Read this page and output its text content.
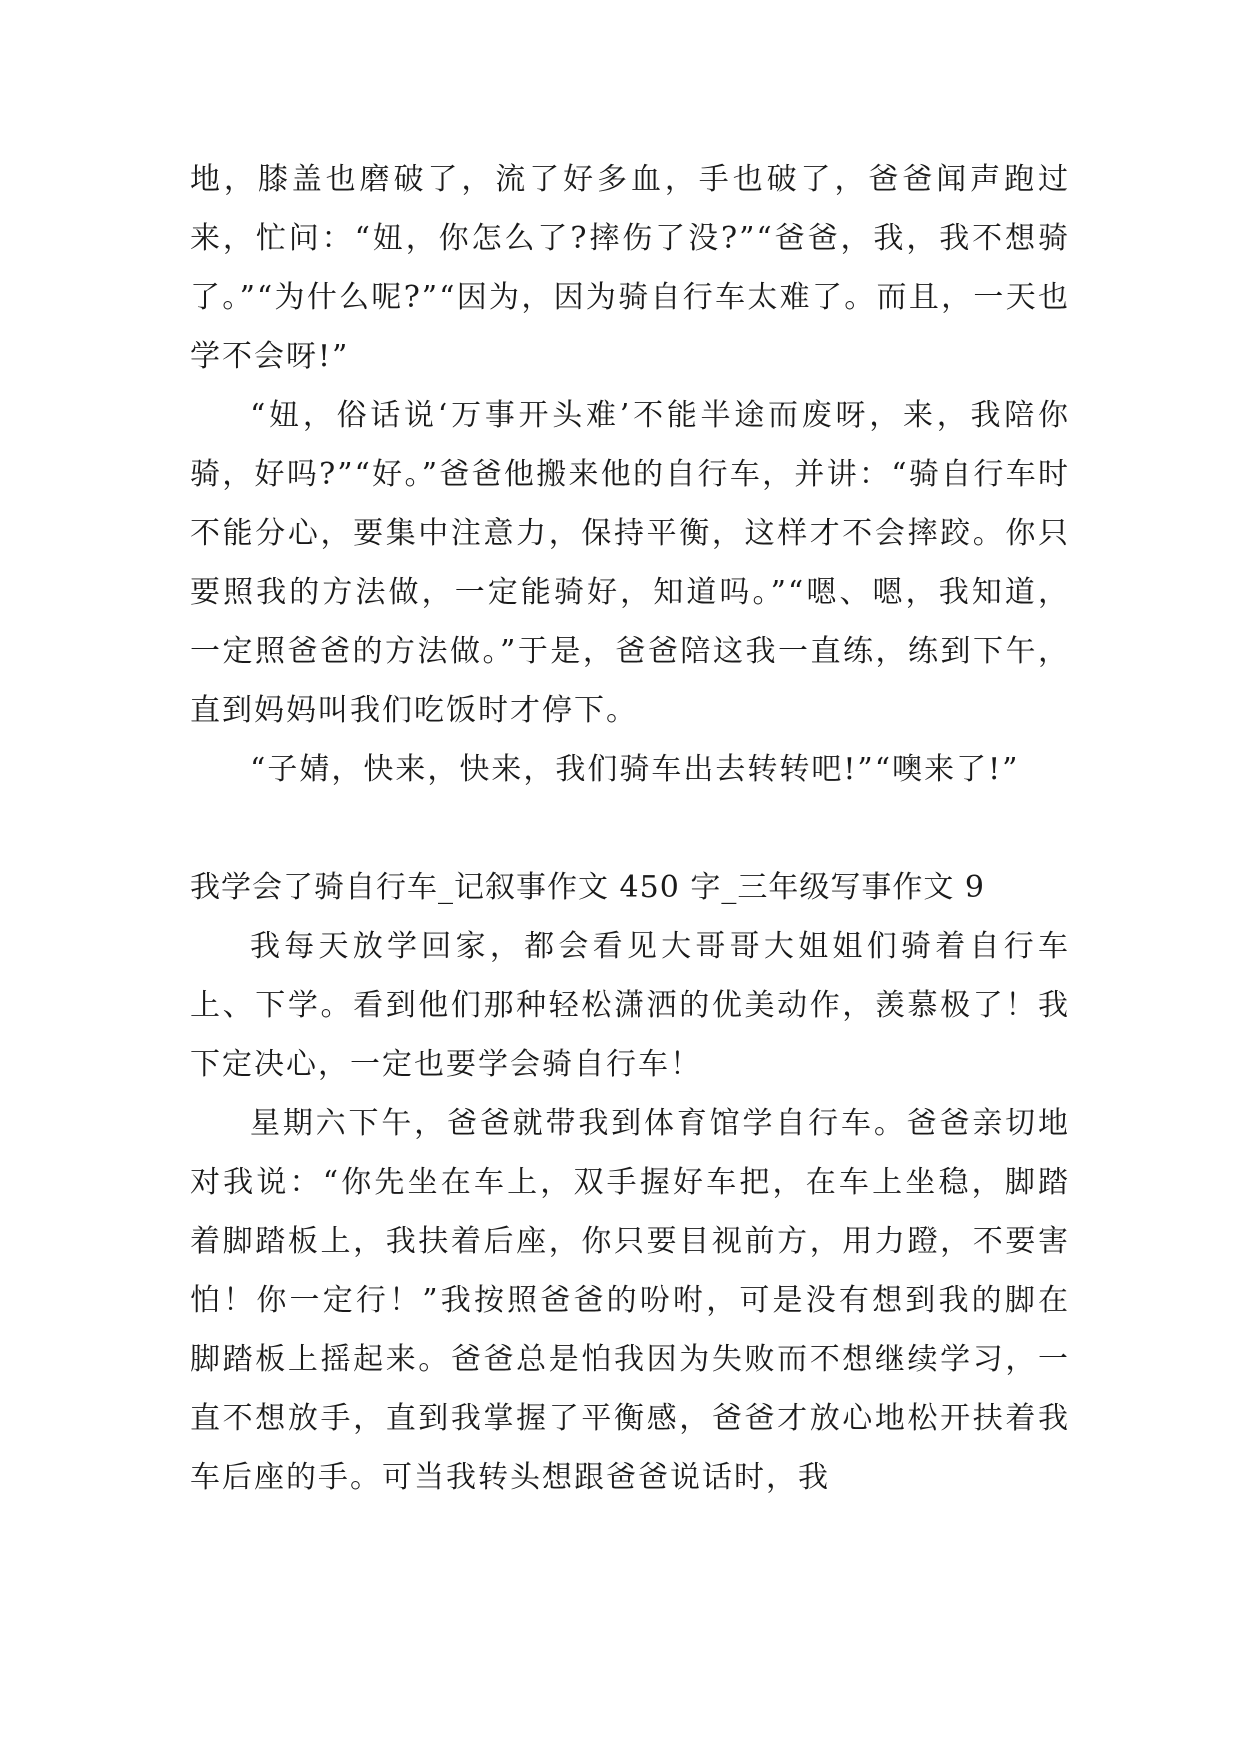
地，膝盖也磨破了，流了好多血，手也破了，爸爸闻声跑过来，忙问：“妞，你怎么了?摔伤了没?”“爸爸，我，我不想骑了。”“为什么呢?”“因为，因为骑自行车太难了。而且，一天也学不会呀!”

“妞，俗话说‘万事开头难’不能半途而废呀，来，我陪你骑，好吗?”“好。”爸爸他搬来他的自行车，并讲：“骑自行车时不能分心，要集中注意力，保持平衡，这样才不会摔跤。你只要照我的方法做，一定能骑好，知道吗。”“嗯、嗯，我知道，一定照爸爸的方法做。”于是，爸爸陪这我一直练，练到下午，直到妈妈叫我们吃饭时才停下。

“子婧，快来，快来，我们骑车出去转转吧!”“噢来了!”

我学会了骑自行车_记叙事作文 450 字_三年级写事作文 9

我每天放学回家，都会看见大哥哥大姐姐们骑着自行车上、下学。看到他们那种轻松潇洒的优美动作，羡慕极了！我下定决心，一定也要学会骑自行车！

星期六下午，爸爸就带我到体育馆学自行车。爸爸亲切地对我说：“你先坐在车上，双手握好车把，在车上坐稳，脚踏着脚踏板上，我扶着后座，你只要目视前方，用力蹬，不要害怕！你一定行！”我按照爸爸的吩咐，可是没有想到我的脚在脚踏板上摇起来。爸爸总是怕我因为失败而不想继续学习，一直不想放手，直到我掌握了平衡感，爸爸才放心地松开扶着我车后座的手。可当我转头想跟爸爸说话时，我
